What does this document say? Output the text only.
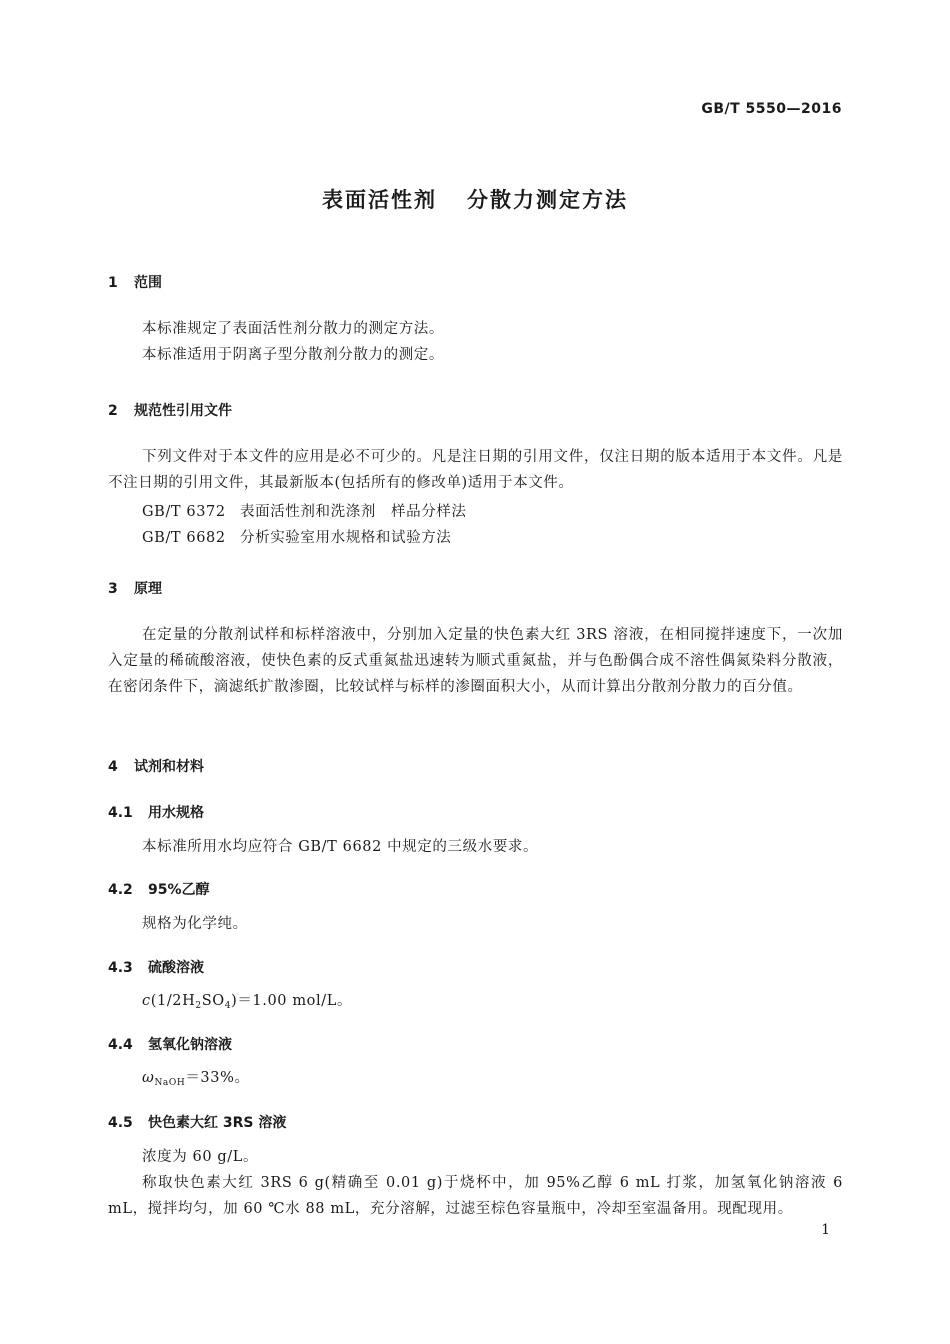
GB/T 5550—2016
表面活性剂 分散力测定方法
1 范围
本标准规定了表面活性剂分散力的测定方法。
本标准适用于阴离子型分散剂分散力的测定。
2 规范性引用文件
下列文件对于本文件的应用是必不可少的。凡是注日期的引用文件，仅注日期的版本适用于本文件。凡是不注日期的引用文件，其最新版本(包括所有的修改单)适用于本文件。
GB/T 6372 表面活性剂和洗涤剂　样品分样法
GB/T 6682 分析实验室用水规格和试验方法
3 原理
在定量的分散剂试样和标样溶液中，分别加入定量的快色素大红 3RS 溶液，在相同搅拌速度下，一次加入定量的稀硫酸溶液，使快色素的反式重氮盐迅速转为顺式重氮盐，并与色酚偶合成不溶性偶氮染料分散液，在密闭条件下，滴滤纸扩散渗圈，比较试样与标样的渗圈面积大小，从而计算出分散剂分散力的百分值。
4 试剂和材料
4.1 用水规格
本标准所用水均应符合 GB/T 6682 中规定的三级水要求。
4.2 95%乙醇
规格为化学纯。
4.3 硫酸溶液
$c(1/2H_2SO_4)=1.00$ mol/L。
4.4 氢氧化钠溶液
$\omega_{NaOH}=33\%$。
4.5 快色素大红 3RS 溶液
浓度为 60 g/L。
称取快色素大红 3RS 6 g(精确至 0.01 g)于烧杯中，加 95%乙醇 6 mL 打浆，加氢氧化钠溶液 6 mL，搅拌均匀，加 60 ℃水 88 mL，充分溶解，过滤至棕色容量瓶中，冷却至室温备用。现配现用。
1
